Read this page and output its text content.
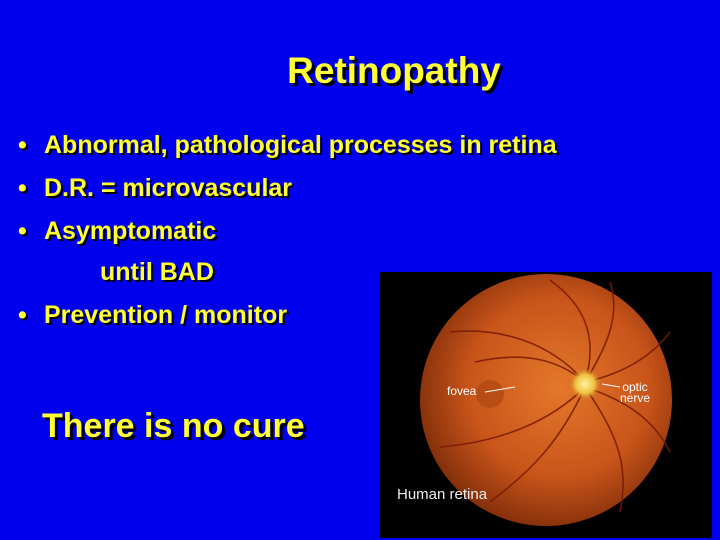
Retinopathy
• Abnormal, pathological processes in retina
• D.R. = microvascular
• Asymptomatic
until BAD
• Prevention / monitor
There is no cure
fovea	optic
nerve
Human retina
